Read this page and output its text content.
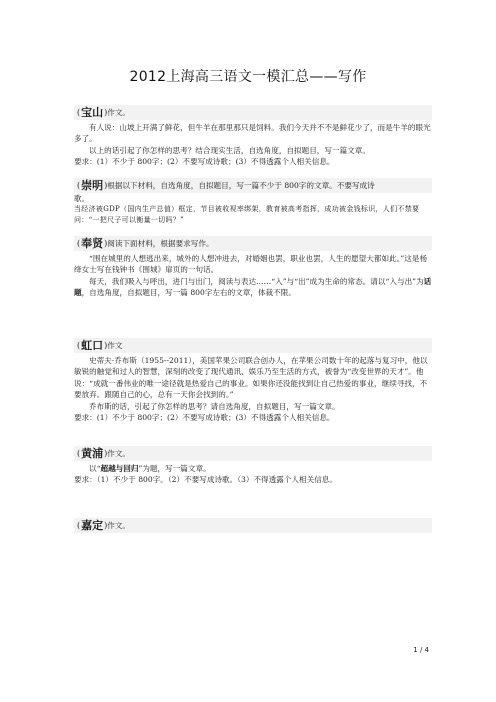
2012上海高三语文一模汇总——写作
( 宝山 ) 作文。

有人说：山坡上开满了鲜花，但牛羊在那里那只是饲料。我们今天并不不是鲜花少了，而是牛羊的眼光多了。

以上的话引起了你怎样的思考？结合现实生活，自选角度，自拟题目，写一篇文章。

要求：(1）不少于 800字；(2）不要写成诗歌；(3）不得透露个人相关信息。

( 崇明 ) 根据以下材料，自选角度，自拟题目，写一篇不少于 800字的文章。不要写成诗

歌。

当经济被GDP（国内生产总值）框定，节目被收视率绑架，教育被高考指挥，成功被金钱标识，人们不禁要问：“一把尺子可以衡量一切吗？”

( 奉贤 ) 阅读下面材料，根据要求写作。

“围在城里的人想逃出来，城外的人想冲进去，对婚姻也罢，职业也罢，人生的愿望大都如此。”这是杨绛女士写在钱钟书《围城》扉页的一句话。

每天，我们吸入与呼出，进门与出门，阅读与表达……“入”与“出”成为生命的常态。请以“入与出”为话题，自选角度，自拟题目，写一篇 800字左右的文章，体裁不限。

( 虹口 ) 作文

史蒂夫·乔布斯（1955--2011），美国苹果公司联合创办人，在苹果公司数十年的起落与复习中，他以敏锐的触觉和过人的智慧，深刻的改变了现代通讯、娱乐乃至生活的方式，被誉为“改变世界的天才”。他说：“成就一番伟业的唯一途径就是热爱自己的事业。如果你还没能找到让自己热爱的事业，继续寻找，不要放弃。跟随自己的心，总有一天你会找到的。”

乔布斯的话，引起了你怎样的思考？请自选角度，自拟题目，写一篇文章。

要求：(1）不少于 800字；(2）不要写成诗歌；(3）不得透露个人相关信息。

( 黄浦 ) 作文。

以“超越与回归”为题，写一篇文章。

要求：（1）不少于 800字。（2）不要写成诗歌。（3）不得透露个人相关信息。

( 嘉定 ) 作文。
1 / 4
